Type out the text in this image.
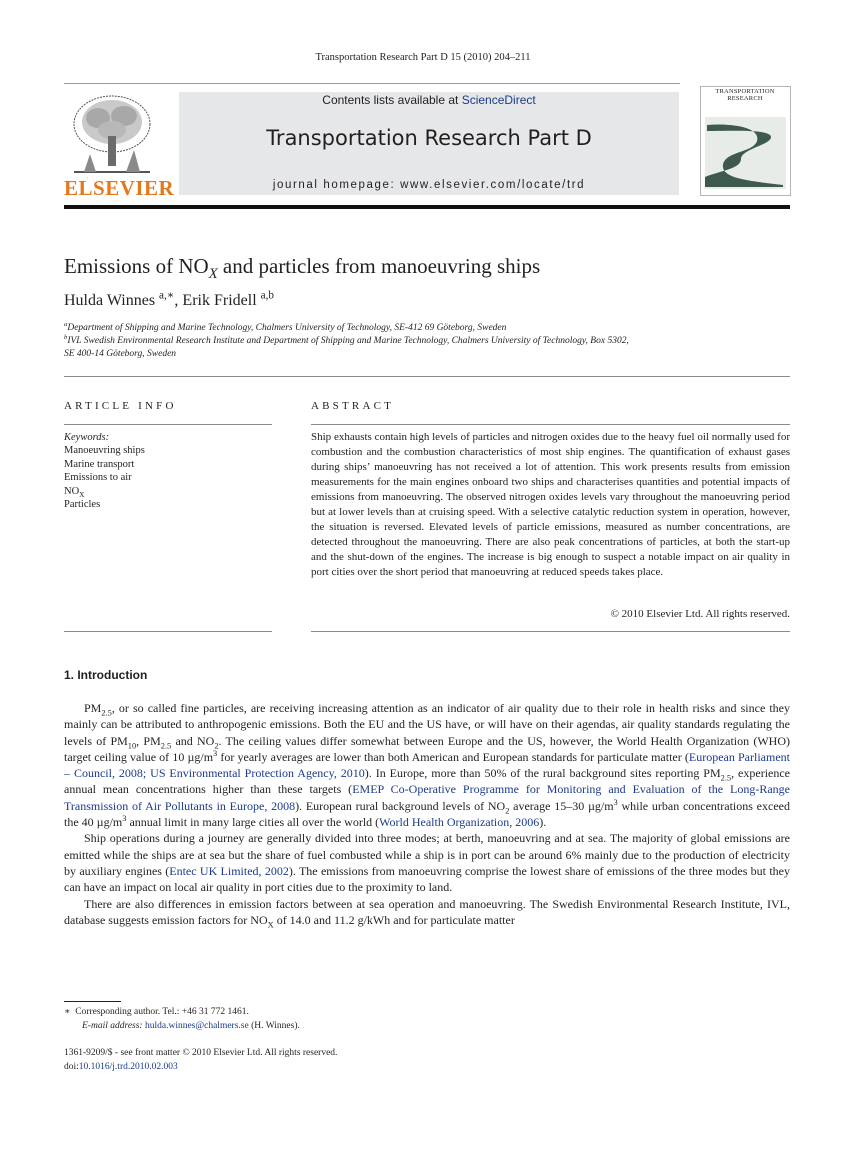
Transportation Research Part D 15 (2010) 204–211
ELSEVIER
Contents lists available at ScienceDirect
Transportation Research Part D
journal homepage: www.elsevier.com/locate/trd
TRANSPORTATION
RESEARCH
Emissions of $NO_X$ and particles from manoeuvring ships
Hulda Winnes $^{a,∗}$, Erik Fridell $^{a,b}$
$^a$Department of Shipping and Marine Technology, Chalmers University of Technology, SE-412 69 Göteborg, Sweden
$^b$IVL Swedish Environmental Research Institute and Department of Shipping and Marine Technology, Chalmers University of Technology, Box 5302,
SE 400-14 Göteborg, Sweden
ARTICLE INFO
Keywords:
Manoeuvring ships
Marine transport
Emissions to air
$NO_X$
Particles
ABSTRACT
Ship exhausts contain high levels of particles and nitrogen oxides due to the heavy fuel oil normally used for combustion and the combustion characteristics of most ship engines. The quantification of exhaust gases during ships’ manoeuvring has not received a lot of attention. This work presents results from emission measurements for the main engines onboard two ships and characterises quantities and potential impacts of emissions from manoeuvring. The observed nitrogen oxides levels vary throughout the manoeuvring period but at lower levels than at cruising speed. With a selective catalytic reduction system in operation, however, the situation is reversed. Elevated levels of particle emissions, measured as number concentrations, are detected throughout the manoeuvring. There are also peak concentrations of particles, at both the start-up and the shut-down of the engines. The increase is big enough to suspect a notable impact on air quality in port cities over the short period that manoeuvring at reduced speeds takes place.
© 2010 Elsevier Ltd. All rights reserved.
1. Introduction

$PM_{2.5}$, or so called fine particles, are receiving increasing attention as an indicator of air quality due to their role in health risks and since they mainly can be attributed to anthropogenic emissions. Both the EU and the US have, or will have on their agendas, air quality standards regulating the levels of $PM_{10}$, $PM_{2.5}$ and $NO_2$. The ceiling values differ somewhat between Europe and the US, however, the World Health Organization (WHO) target ceiling value of 10 $\mu g/m^3$ for yearly averages are lower than both American and European standards for particulate matter (European Parliament – Council, 2008; US Environmental Protection Agency, 2010). In Europe, more than 50% of the rural background sites reporting $PM_{2.5}$, experience annual mean concentrations higher than these targets (EMEP Co-Operative Programme for Monitoring and Evaluation of the Long-Range Transmission of Air Pollutants in Europe, 2008). European rural background levels of $NO_2$ average 15–30 $\mu g/m^3$ while urban concentrations exceed the 40 $\mu g/m^3$ annual limit in many large cities all over the world (World Health Organization, 2006).

Ship operations during a journey are generally divided into three modes; at berth, manoeuvring and at sea. The majority of global emissions are emitted while the ships are at sea but the share of fuel combusted while a ship is in port can be around 6% mainly due to the production of electricity by auxiliary engines (Entec UK Limited, 2002). The emissions from manoeuvring comprise the lowest share of emissions of the three modes but they can have an impact on local air quality in port cities due to the proximity to land.

There are also differences in emission factors between at sea operation and manoeuvring. The Swedish Environmental Research Institute, IVL, database suggests emission factors for $NO_X$ of 14.0 and 11.2 g/kWh and for particulate matter

∗ Corresponding author. Tel.: +46 31 772 1461.
E-mail address: hulda.winnes@chalmers.se (H. Winnes).
1361-9209/$ - see front matter © 2010 Elsevier Ltd. All rights reserved.
doi:10.1016/j.trd.2010.02.003
